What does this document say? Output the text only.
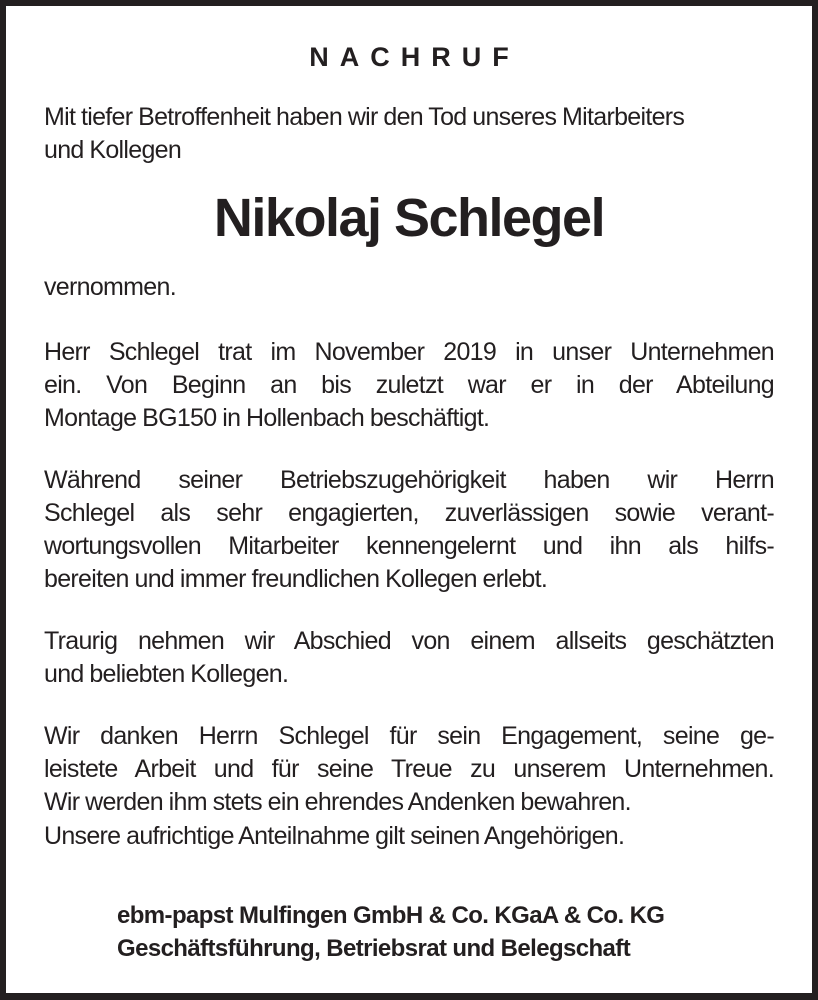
NACHRUF

Mit tiefer Betroffenheit haben wir den Tod unseres Mitarbeiters
und Kollegen

Nikolaj Schlegel

vernommen.

Herr Schlegel trat im November 2019 in unser Unternehmen
ein. Von Beginn an bis zuletzt war er in der Abteilung
Montage BG150 in Hollenbach beschäftigt.

Während seiner Betriebszugehörigkeit haben wir Herrn
Schlegel als sehr engagierten, zuverlässigen sowie verant-
wortungsvollen Mitarbeiter kennengelernt und ihn als hilfs-
bereiten und immer freundlichen Kollegen erlebt.

Traurig nehmen wir Abschied von einem allseits geschätzten
und beliebten Kollegen.

Wir danken Herrn Schlegel für sein Engagement, seine ge-
leistete Arbeit und für seine Treue zu unserem Unternehmen.
Wir werden ihm stets ein ehrendes Andenken bewahren.

Unsere aufrichtige Anteilnahme gilt seinen Angehörigen.

ebm-papst Mulfingen GmbH & Co. KGaA & Co. KG
Geschäftsführung, Betriebsrat und Belegschaft
